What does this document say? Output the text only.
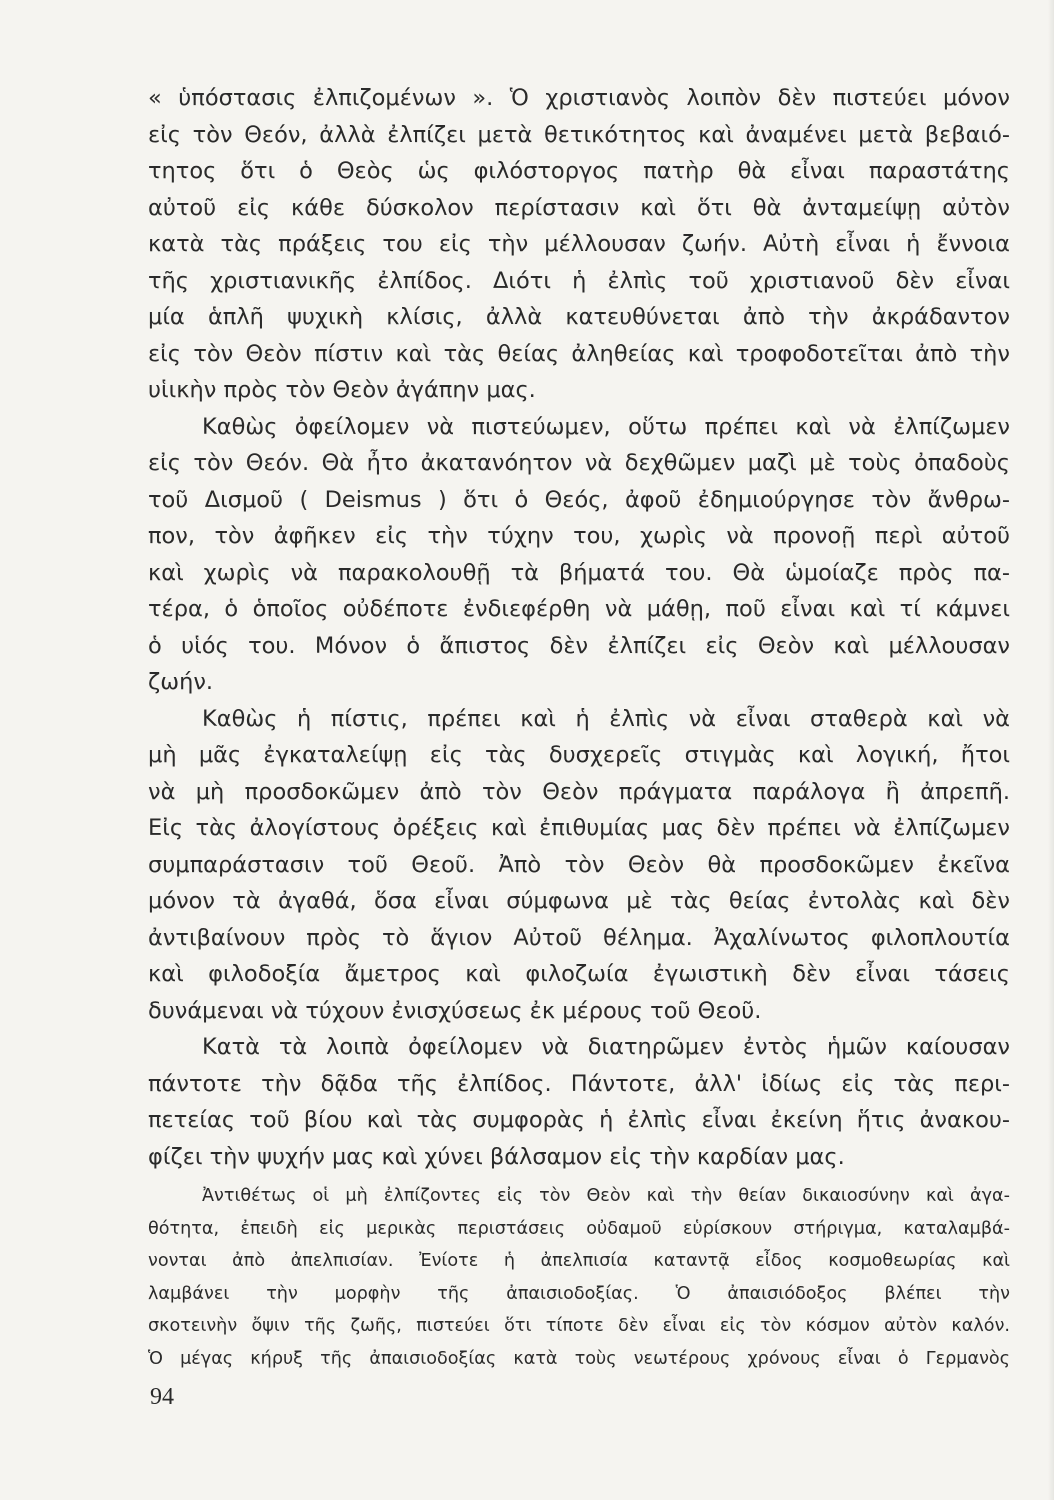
« ὑπόστασις ἐλπιζομένων ». Ὁ χριστιανὸς λοιπὸν δὲν πιστεύει μόνον
εἰς τὸν Θεόν, ἀλλὰ ἐλπίζει μετὰ θετικότητος καὶ ἀναμένει μετὰ βεβαιό-
τητος ὅτι ὁ Θεὸς ὡς φιλόστοργος πατὴρ θὰ εἶναι παραστάτης
αὐτοῦ εἰς κάθε δύσκολον περίστασιν καὶ ὅτι θὰ ἀνταμείψῃ αὐτὸν
κατὰ τὰς πράξεις του εἰς τὴν μέλλουσαν ζωήν. Αὐτὴ εἶναι ἡ ἔννοια
τῆς χριστιανικῆς ἐλπίδος. Διότι ἡ ἐλπὶς τοῦ χριστιανοῦ δὲν εἶναι
μία ἁπλῆ ψυχικὴ κλίσις, ἀλλὰ κατευθύνεται ἀπὸ τὴν ἀκράδαντον
εἰς τὸν Θεὸν πίστιν καὶ τὰς θείας ἀληθείας καὶ τροφοδοτεῖται ἀπὸ τὴν
υἱικὴν πρὸς τὸν Θεὸν ἀγάπην μας.
Καθὼς ὀφείλομεν νὰ πιστεύωμεν, οὕτω πρέπει καὶ νὰ ἐλπίζωμεν
εἰς τὸν Θεόν. Θὰ ἦτο ἀκατανόητον νὰ δεχθῶμεν μαζὶ μὲ τοὺς ὀπαδοὺς
τοῦ Δισμοῦ ( Deismus ) ὅτι ὁ Θεός, ἀφοῦ ἐδημιούργησε τὸν ἄνθρω-
πον, τὸν ἀφῆκεν εἰς τὴν τύχην του, χωρὶς νὰ προνοῇ περὶ αὐτοῦ
καὶ χωρὶς νὰ παρακολουθῇ τὰ βήματά του. Θὰ ὡμοίαζε πρὸς πα-
τέρα, ὁ ὁποῖος οὐδέποτε ἐνδιεφέρθη νὰ μάθῃ, ποῦ εἶναι καὶ τί κάμνει
ὁ υἱός του. Μόνον ὁ ἄπιστος δὲν ἐλπίζει εἰς Θεὸν καὶ μέλλουσαν
ζωήν.
Καθὼς ἡ πίστις, πρέπει καὶ ἡ ἐλπὶς νὰ εἶναι σταθερὰ καὶ νὰ
μὴ μᾶς ἐγκαταλείψῃ εἰς τὰς δυσχερεῖς στιγμὰς καὶ λογική, ἤτοι
νὰ μὴ προσδοκῶμεν ἀπὸ τὸν Θεὸν πράγματα παράλογα ἢ ἀπρεπῆ.
Εἰς τὰς ἀλογίστους ὀρέξεις καὶ ἐπιθυμίας μας δὲν πρέπει νὰ ἐλπίζωμεν
συμπαράστασιν τοῦ Θεοῦ. Ἀπὸ τὸν Θεὸν θὰ προσδοκῶμεν ἐκεῖνα
μόνον τὰ ἀγαθά, ὅσα εἶναι σύμφωνα μὲ τὰς θείας ἐντολὰς καὶ δὲν
ἀντιβαίνουν πρὸς τὸ ἅγιον Αὐτοῦ θέλημα. Ἀχαλίνωτος φιλοπλουτία
καὶ φιλοδοξία ἄμετρος καὶ φιλοζωία ἐγωιστικὴ δὲν εἶναι τάσεις
δυνάμεναι νὰ τύχουν ἐνισχύσεως ἐκ μέρους τοῦ Θεοῦ.
Κατὰ τὰ λοιπὰ ὀφείλομεν νὰ διατηρῶμεν ἐντὸς ἡμῶν καίουσαν
πάντοτε τὴν δᾷδα τῆς ἐλπίδος. Πάντοτε, ἀλλ' ἰδίως εἰς τὰς περι-
πετείας τοῦ βίου καὶ τὰς συμφορὰς ἡ ἐλπὶς εἶναι ἐκείνη ἥτις ἀνακου-
φίζει τὴν ψυχήν μας καὶ χύνει βάλσαμον εἰς τὴν καρδίαν μας.
Ἀντιθέτως οἱ μὴ ἐλπίζοντες εἰς τὸν Θεὸν καὶ τὴν θείαν δικαιοσύνην καὶ ἀγα-
θότητα, ἐπειδὴ εἰς μερικὰς περιστάσεις οὐδαμοῦ εὑρίσκουν στήριγμα, καταλαμβά-
νονται ἀπὸ ἀπελπισίαν. Ἐνίοτε ἡ ἀπελπισία καταντᾷ εἶδος κοσμοθεωρίας καὶ
λαμβάνει τὴν μορφὴν τῆς ἀπαισιοδοξίας. Ὁ ἀπαισιόδοξος βλέπει τὴν
σκοτεινὴν ὄψιν τῆς ζωῆς, πιστεύει ὅτι τίποτε δὲν εἶναι εἰς τὸν κόσμον αὐτὸν καλόν.
Ὁ μέγας κήρυξ τῆς ἀπαισιοδοξίας κατὰ τοὺς νεωτέρους χρόνους εἶναι ὁ Γερμανὸς
94
